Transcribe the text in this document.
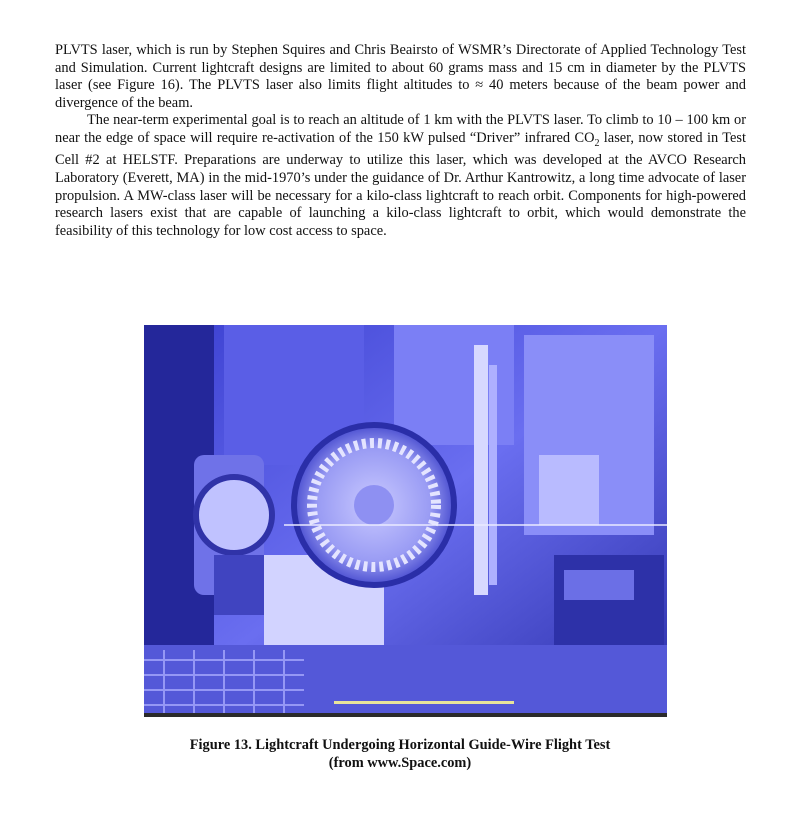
PLVTS laser, which is run by Stephen Squires and Chris Beairsto of WSMR’s Directorate of Applied Technology Test and Simulation. Current lightcraft designs are limited to about 60 grams mass and 15 cm in diameter by the PLVTS laser (see Figure 16). The PLVTS laser also limits flight altitudes to ≈ 40 meters because of the beam power and divergence of the beam.

The near-term experimental goal is to reach an altitude of 1 km with the PLVTS laser. To climb to 10 – 100 km or near the edge of space will require re-activation of the 150 kW pulsed “Driver” infrared $CO_2$ laser, now stored in Test Cell #2 at HELSTF. Preparations are underway to utilize this laser, which was developed at the AVCO Research Laboratory (Everett, MA) in the mid-1970’s under the guidance of Dr. Arthur Kantrowitz, a long time advocate of laser propulsion. A MW-class laser will be necessary for a kilo-class lightcraft to reach orbit. Components for high-powered research lasers exist that are capable of launching a kilo-class lightcraft to orbit, which would demonstrate the feasibility of this technology for low cost access to space.

Figure 13. Lightcraft Undergoing Horizontal Guide-Wire Flight Test
(from www.Space.com)
